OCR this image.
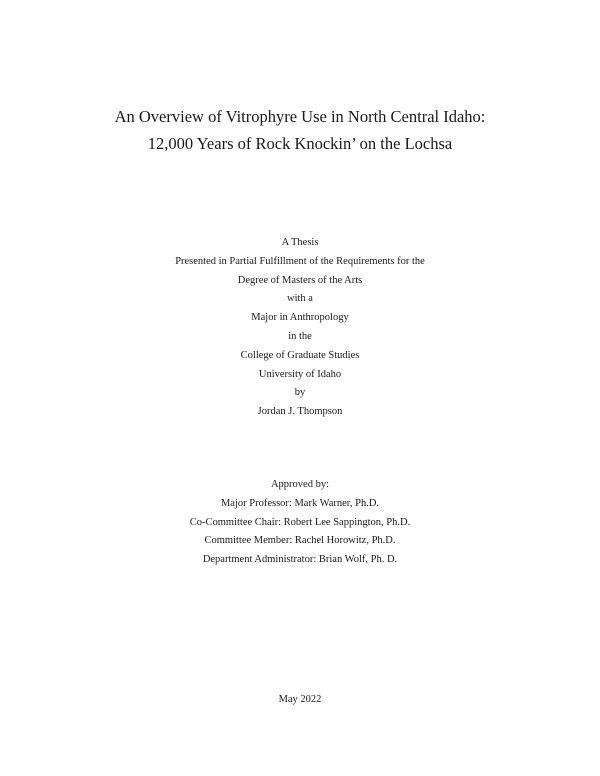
An Overview of Vitrophyre Use in North Central Idaho:
12,000 Years of Rock Knockin’ on the Lochsa
A Thesis
Presented in Partial Fulfillment of the Requirements for the
Degree of Masters of the Arts
with a
Major in Anthropology
in the
College of Graduate Studies
University of Idaho
by
Jordan J. Thompson
Approved by:
Major Professor: Mark Warner, Ph.D.
Co-Committee Chair: Robert Lee Sappington, Ph.D.
Committee Member: Rachel Horowitz, Ph.D.
Department Administrator: Brian Wolf, Ph. D.
May 2022
